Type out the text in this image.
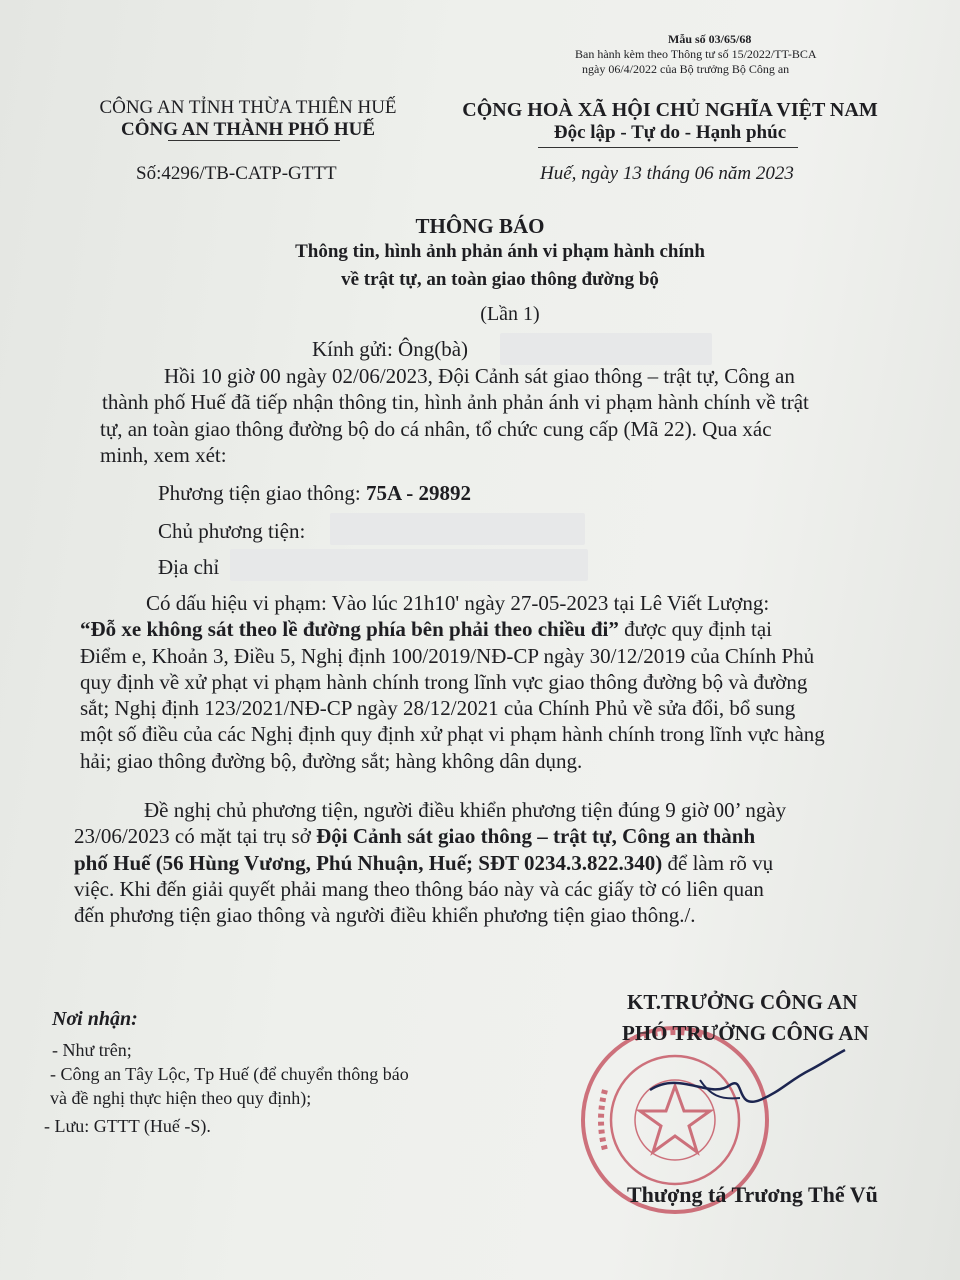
Mẫu số 03/65/68
Ban hành kèm theo Thông tư số 15/2022/TT-BCA
ngày 06/4/2022 của Bộ trưởng Bộ Công an
CÔNG AN TỈNH THỪA THIÊN HUẾ
CÔNG AN THÀNH PHỐ HUẾ
Số:4296/TB-CATP-GTTT
CỘNG HOÀ XÃ HỘI CHỦ NGHĨA VIỆT NAM
Độc lập - Tự do - Hạnh phúc
Huế, ngày 13 tháng 06 năm 2023
THÔNG BÁO
Thông tin, hình ảnh phản ánh vi phạm hành chính
về trật tự, an toàn giao thông đường bộ
(Lần 1)
Kính gửi: Ông(bà)
Hồi 10 giờ 00 ngày 02/06/2023, Đội Cảnh sát giao thông – trật tự, Công an
thành phố Huế đã tiếp nhận thông tin, hình ảnh phản ánh vi phạm hành chính về trật
tự, an toàn giao thông đường bộ do cá nhân, tổ chức cung cấp (Mã 22). Qua xác
minh, xem xét:
Phương tiện giao thông: 75A - 29892
Chủ phương tiện:
Địa chỉ
Có dấu hiệu vi phạm: Vào lúc 21h10' ngày 27-05-2023 tại Lê Viết Lượng:
“Đỗ xe không sát theo lề đường phía bên phải theo chiều đi” được quy định tại
Điểm e, Khoản 3, Điều 5, Nghị định 100/2019/NĐ-CP ngày 30/12/2019 của Chính Phủ
quy định về xử phạt vi phạm hành chính trong lĩnh vực giao thông đường bộ và đường
sắt; Nghị định 123/2021/NĐ-CP ngày 28/12/2021 của Chính Phủ về sửa đổi, bổ sung
một số điều của các Nghị định quy định xử phạt vi phạm hành chính trong lĩnh vực hàng
hải; giao thông đường bộ, đường sắt; hàng không dân dụng.
Đề nghị chủ phương tiện, người điều khiển phương tiện đúng 9 giờ 00’ ngày
23/06/2023 có mặt tại trụ sở Đội Cảnh sát giao thông – trật tự, Công an thành
phố Huế (56 Hùng Vương, Phú Nhuận, Huế; SĐT 0234.3.822.340) để làm rõ vụ
việc. Khi đến giải quyết phải mang theo thông báo này và các giấy tờ có liên quan
đến phương tiện giao thông và người điều khiển phương tiện giao thông./.
Nơi nhận:
- Như trên;
- Công an Tây Lộc, Tp Huế (để chuyển thông báo
và đề nghị thực hiện theo quy định);
- Lưu: GTTT (Huế -S).
KT.TRƯỞNG CÔNG AN
PHÓ TRƯỞNG CÔNG AN
Thượng tá Trương Thế Vũ
